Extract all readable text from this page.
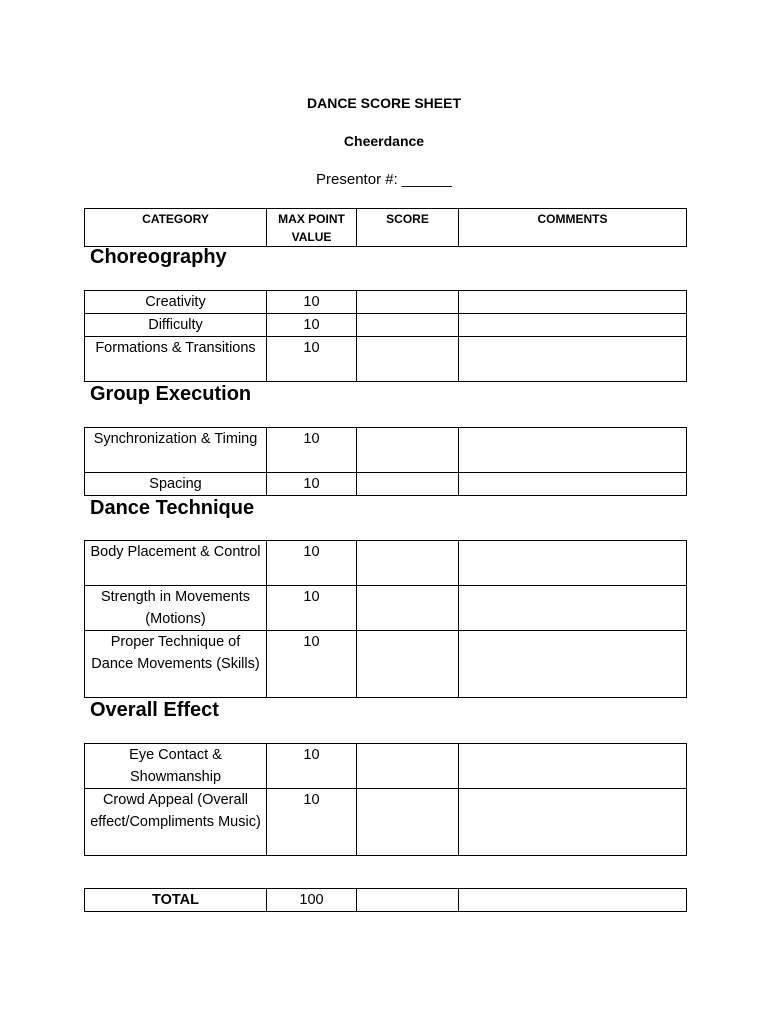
DANCE SCORE SHEET
Cheerdance
Presentor #: ______
CATEGORY	MAX POINT VALUE	SCORE	COMMENTS
Choreography
Creativity	10		
Difficulty	10		
Formations & Transitions	10		
Group Execution
Synchronization & Timing	10		
Spacing	10		
Dance Technique
Body Placement & Control	10		
Strength in Movements (Motions)	10		
Proper Technique of Dance Movements (Skills)	10		
Overall Effect
Eye Contact & Showmanship	10		
Crowd Appeal (Overall effect/Compliments Music)	10		
TOTAL	100		
